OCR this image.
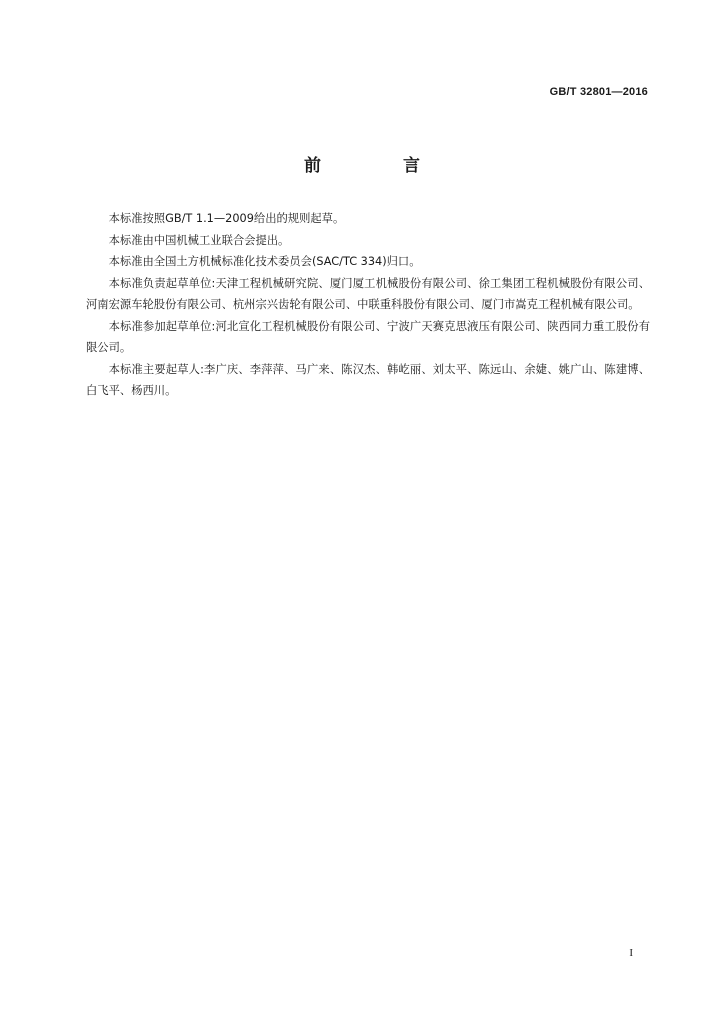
GB/T 32801—2016
前 言

本标准按照GB/T 1.1—2009给出的规则起草。

本标准由中国机械工业联合会提出。

本标准由全国土方机械标准化技术委员会(SAC/TC 334)归口。

本标准负责起草单位:天津工程机械研究院、厦门厦工机械股份有限公司、徐工集团工程机械股份有限公司、河南宏源车轮股份有限公司、杭州宗兴齿轮有限公司、中联重科股份有限公司、厦门市嵩克工程机械有限公司。

本标准参加起草单位:河北宣化工程机械股份有限公司、宁波广天赛克思液压有限公司、陕西同力重工股份有限公司。

本标准主要起草人:李广庆、李萍萍、马广来、陈汉杰、韩屹丽、刘太平、陈远山、余婕、姚广山、陈建博、白飞平、杨西川。

I
